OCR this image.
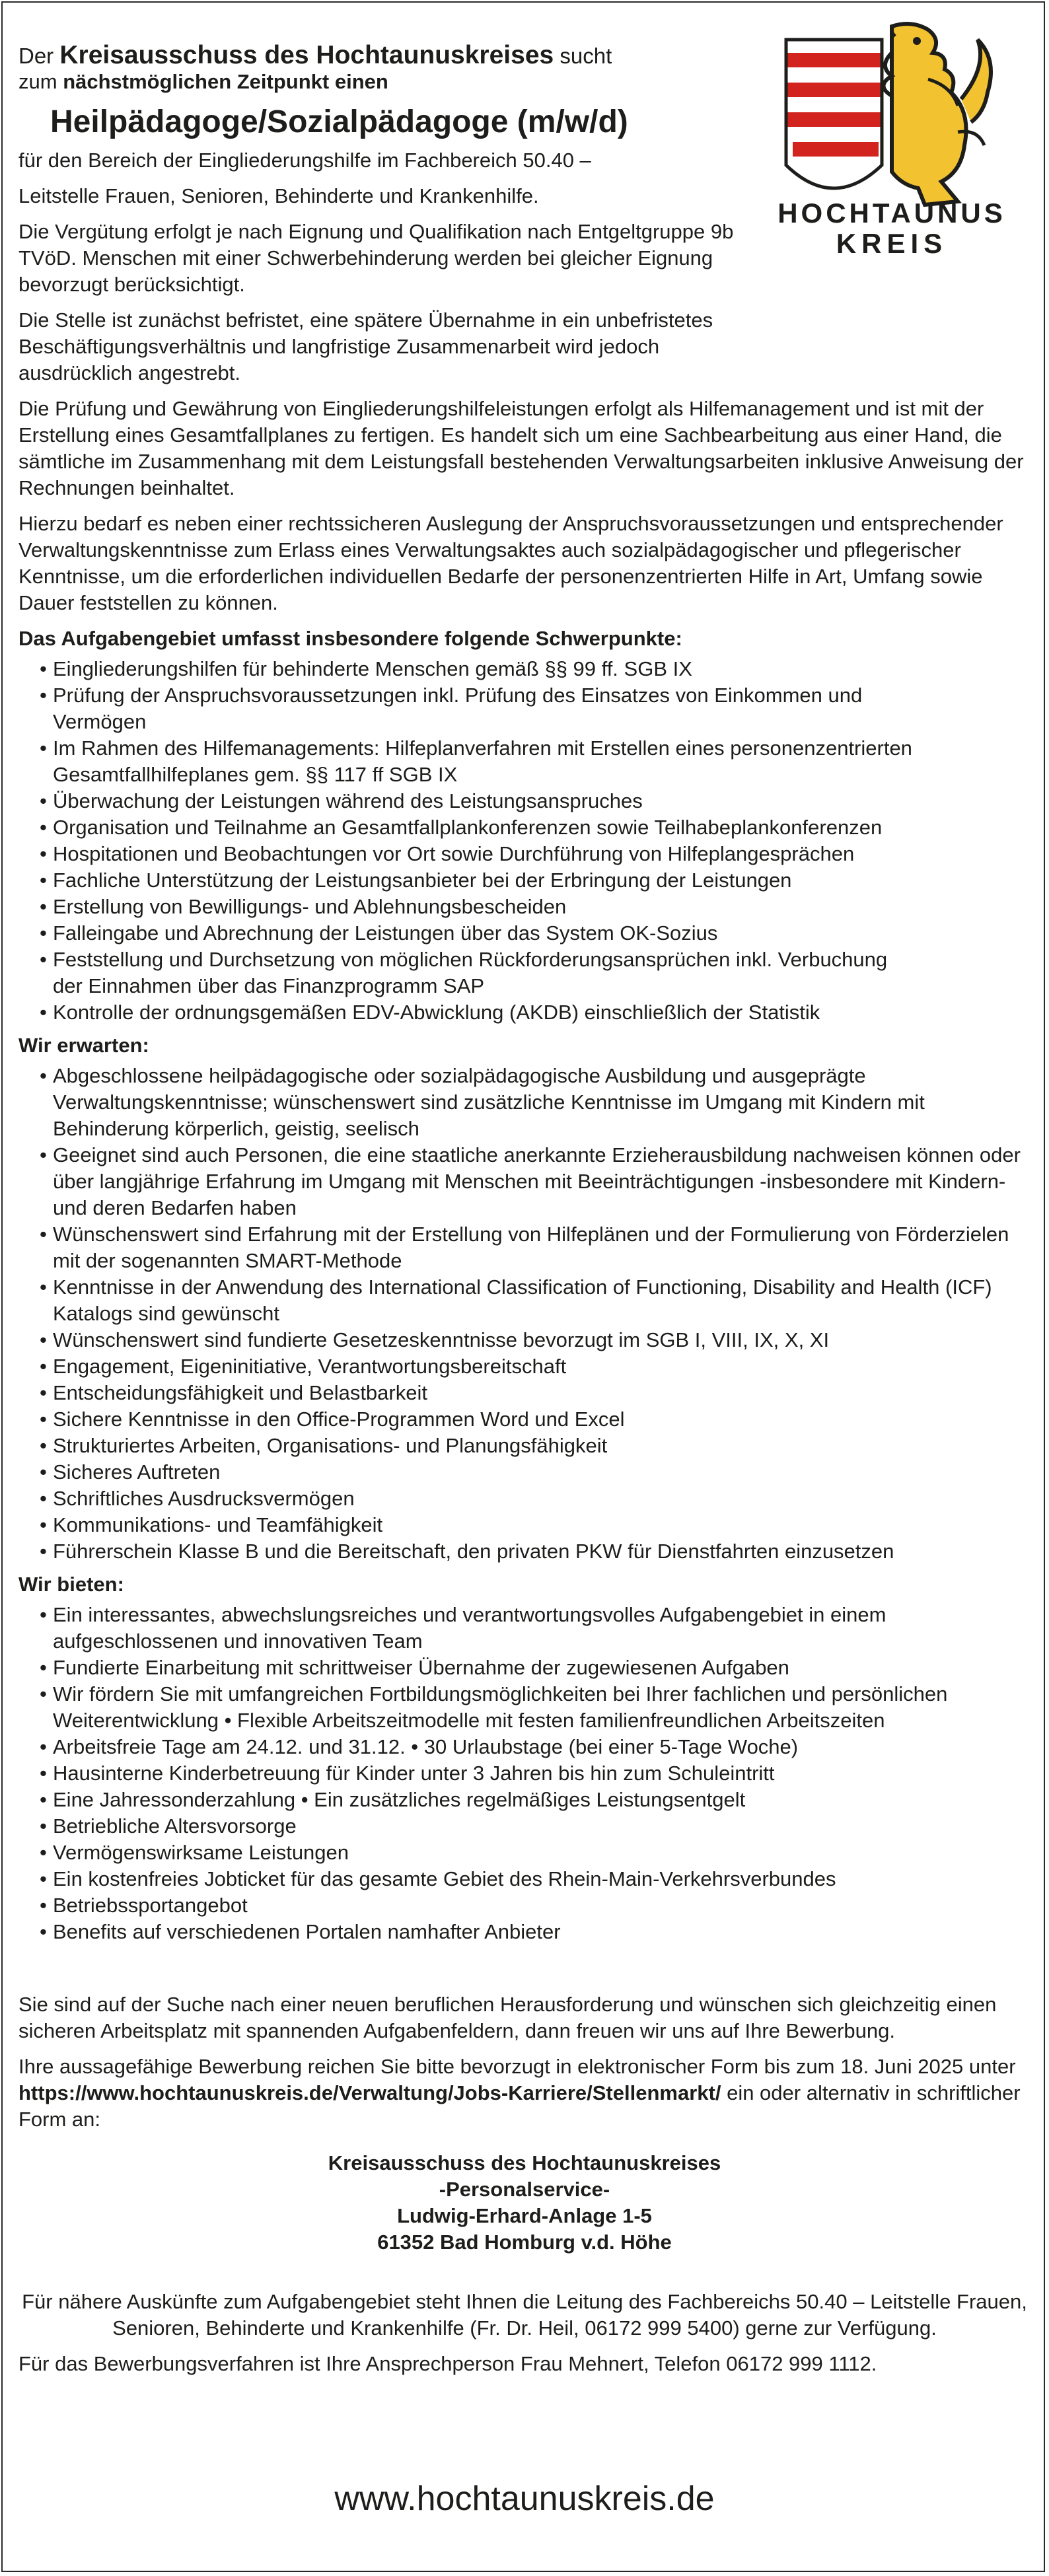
HOCHTAUNUS
KREIS
Der Kreisausschuss des Hochtaunuskreises sucht
zum nächstmöglichen Zeitpunkt einen
Heilpädagoge/Sozialpädagoge (m/w/d)

für den Bereich der Eingliederungshilfe im Fachbereich 50.40 –

Leitstelle Frauen, Senioren, Behinderte und Krankenhilfe.

Die Vergütung erfolgt je nach Eignung und Qualifikation nach Entgeltgruppe 9b TVöD. Menschen mit einer Schwerbehinderung werden bei gleicher Eignung bevorzugt berücksichtigt.

Die Stelle ist zunächst befristet, eine spätere Übernahme in ein unbefristetes Beschäftigungsverhältnis und langfristige Zusammenarbeit wird jedoch ausdrücklich angestrebt.

Die Prüfung und Gewährung von Eingliederungshilfeleistungen erfolgt als Hilfemanagement und ist mit der Erstellung eines Gesamtfallplanes zu fertigen. Es handelt sich um eine Sachbearbeitung aus einer Hand, die sämtliche im Zusammenhang mit dem Leistungsfall bestehenden Verwaltungsarbeiten inklusive Anweisung der Rechnungen beinhaltet.

Hierzu bedarf es neben einer rechtssicheren Auslegung der Anspruchsvoraussetzungen und entsprechender Verwaltungskenntnisse zum Erlass eines Verwaltungsaktes auch sozialpädagogischer und pflegerischer Kenntnisse, um die erforderlichen individuellen Bedarfe der personenzentrierten Hilfe in Art, Umfang sowie Dauer feststellen zu können.

Das Aufgabengebiet umfasst insbesondere folgende Schwerpunkte:
• Eingliederungshilfen für behinderte Menschen gemäß §§ 99 ff. SGB IX
• Prüfung der Anspruchsvoraussetzungen inkl. Prüfung des Einsatzes von Einkommen und Vermögen
• Im Rahmen des Hilfemanagements: Hilfeplanverfahren mit Erstellen eines personenzentrierten Gesamtfallhilfeplanes gem. §§ 117 ff SGB IX
• Überwachung der Leistungen während des Leistungsanspruches
• Organisation und Teilnahme an Gesamtfallplankonferenzen sowie Teilhabeplankonferenzen
• Hospitationen und Beobachtungen vor Ort sowie Durchführung von Hilfeplangesprächen
• Fachliche Unterstützung der Leistungsanbieter bei der Erbringung der Leistungen
• Erstellung von Bewilligungs- und Ablehnungsbescheiden
• Falleingabe und Abrechnung der Leistungen über das System OK-Sozius
• Feststellung und Durchsetzung von möglichen Rückforderungsansprüchen inkl. Verbuchung der Einnahmen über das Finanzprogramm SAP
• Kontrolle der ordnungsgemäßen EDV-Abwicklung (AKDB) einschließlich der Statistik
Wir erwarten:
• Abgeschlossene heilpädagogische oder sozialpädagogische Ausbildung und ausgeprägte Verwaltungskenntnisse; wünschenswert sind zusätzliche Kenntnisse im Umgang mit Kindern mit Behinderung körperlich, geistig, seelisch
• Geeignet sind auch Personen, die eine staatliche anerkannte Erzieherausbildung nachweisen können oder über langjährige Erfahrung im Umgang mit Menschen mit Beeinträchtigungen -insbesondere mit Kindern- und deren Bedarfen haben
• Wünschenswert sind Erfahrung mit der Erstellung von Hilfeplänen und der Formulierung von Förderzielen mit der sogenannten SMART-Methode
• Kenntnisse in der Anwendung des International Classification of Functioning, Disability and Health (ICF) Katalogs sind gewünscht
• Wünschenswert sind fundierte Gesetzeskenntnisse bevorzugt im SGB I, VIII, IX, X, XI
• Engagement, Eigeninitiative, Verantwortungsbereitschaft
• Entscheidungsfähigkeit und Belastbarkeit
• Sichere Kenntnisse in den Office-Programmen Word und Excel
• Strukturiertes Arbeiten, Organisations- und Planungsfähigkeit
• Sicheres Auftreten
• Schriftliches Ausdrucksvermögen
• Kommunikations- und Teamfähigkeit
• Führerschein Klasse B und die Bereitschaft, den privaten PKW für Dienstfahrten einzusetzen
Wir bieten:
• Ein interessantes, abwechslungsreiches und verantwortungsvolles Aufgabengebiet in einem aufgeschlossenen und innovativen Team
• Fundierte Einarbeitung mit schrittweiser Übernahme der zugewiesenen Aufgaben
• Wir fördern Sie mit umfangreichen Fortbildungsmöglichkeiten bei Ihrer fachlichen und persönlichen Weiterentwicklung • Flexible Arbeitszeitmodelle mit festen familienfreundlichen Arbeitszeiten
• Arbeitsfreie Tage am 24.12. und 31.12. • 30 Urlaubstage (bei einer 5-Tage Woche)
• Hausinterne Kinderbetreuung für Kinder unter 3 Jahren bis hin zum Schuleintritt
• Eine Jahressonderzahlung • Ein zusätzliches regelmäßiges Leistungsentgelt
• Betriebliche Altersvorsorge
• Vermögenswirksame Leistungen
• Ein kostenfreies Jobticket für das gesamte Gebiet des Rhein-Main-Verkehrsverbundes
• Betriebssportangebot
• Benefits auf verschiedenen Portalen namhafter Anbieter

Sie sind auf der Suche nach einer neuen beruflichen Herausforderung und wünschen sich gleichzeitig einen sicheren Arbeitsplatz mit spannenden Aufgabenfeldern, dann freuen wir uns auf Ihre Bewerbung.

Ihre aussagefähige Bewerbung reichen Sie bitte bevorzugt in elektronischer Form bis zum 18. Juni 2025 unter https://www.hochtaunuskreis.de/Verwaltung/Jobs-Karriere/Stellenmarkt/ ein oder alternativ in schriftlicher Form an:

Kreisausschuss des Hochtaunuskreises
-Personalservice-
Ludwig-Erhard-Anlage 1-5
61352 Bad Homburg v.d. Höhe

Für nähere Auskünfte zum Aufgabengebiet steht Ihnen die Leitung des Fachbereichs 50.40 – Leitstelle Frauen, Senioren, Behinderte und Krankenhilfe (Fr. Dr. Heil, 06172 999 5400) gerne zur Verfügung.

Für das Bewerbungsverfahren ist Ihre Ansprechperson Frau Mehnert, Telefon 06172 999 1112.

www.hochtaunuskreis.de
